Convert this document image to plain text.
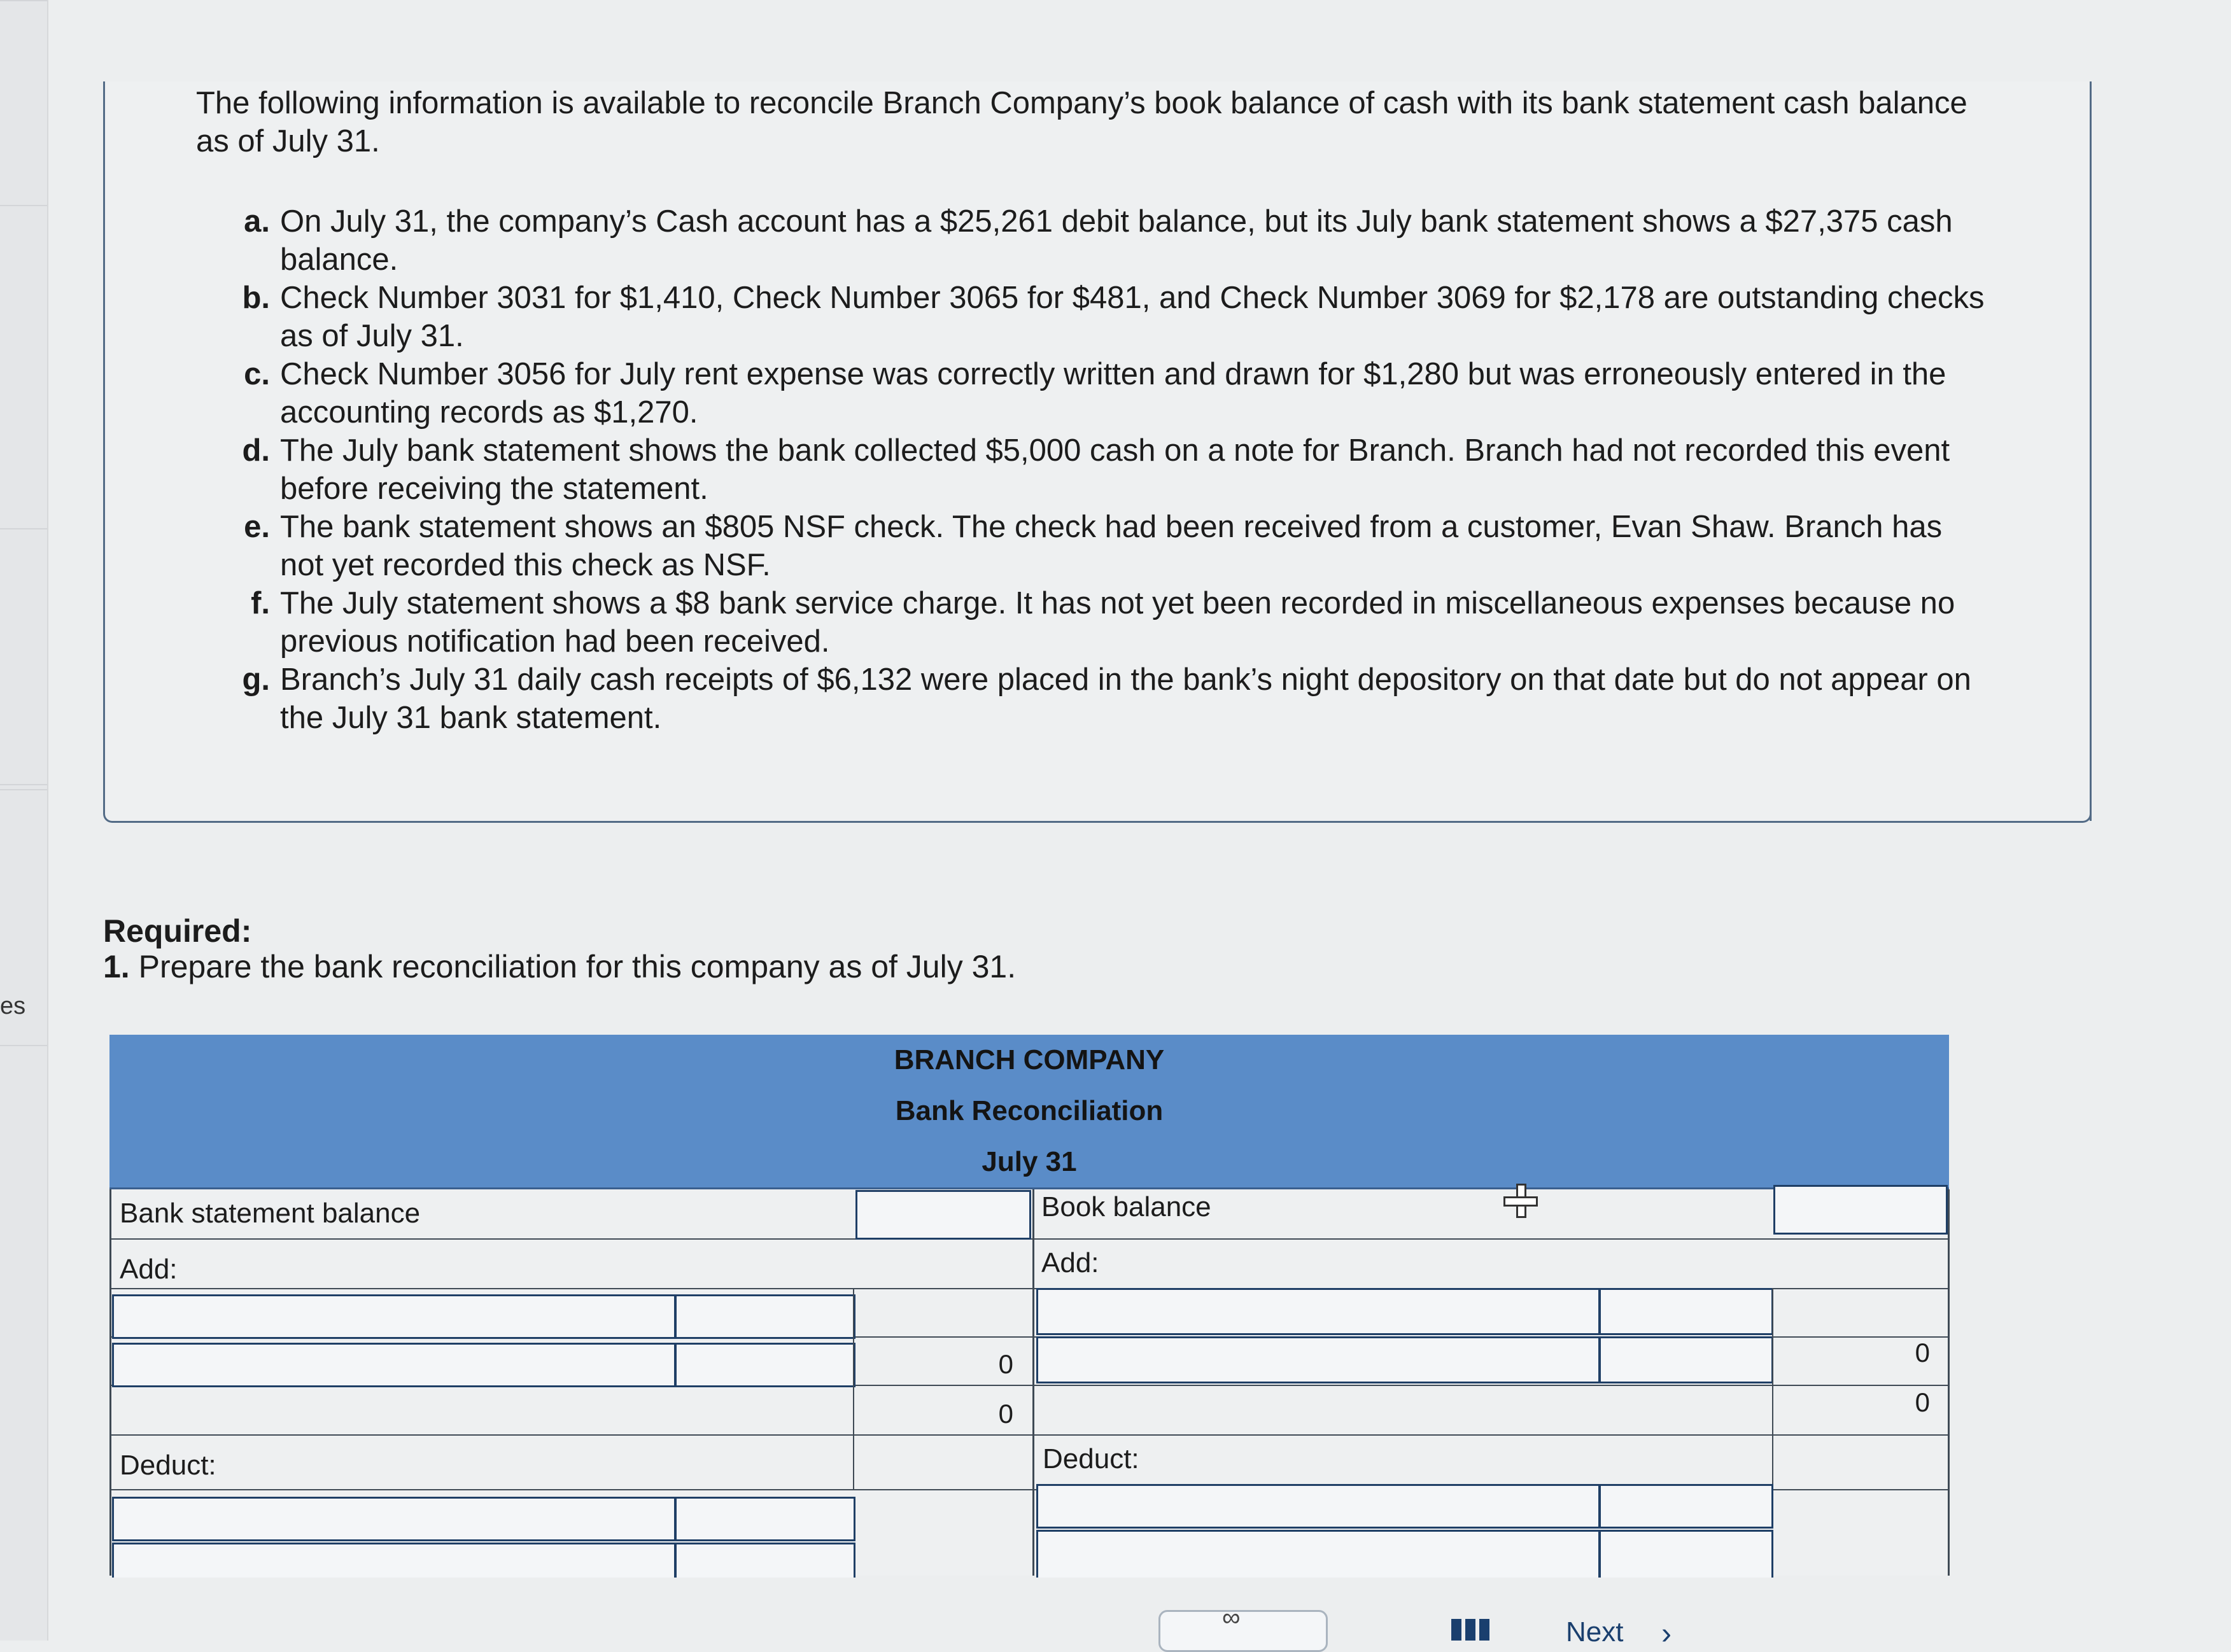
es
The following information is available to reconcile Branch Company’s book balance of cash with its bank statement cash balance as of July 31.
a. On July 31, the company’s Cash account has a $25,261 debit balance, but its July bank statement shows a $27,375 cash balance.
b. Check Number 3031 for $1,410, Check Number 3065 for $481, and Check Number 3069 for $2,178 are outstanding checks as of July 31.
c. Check Number 3056 for July rent expense was correctly written and drawn for $1,280 but was erroneously entered in the accounting records as $1,270.
d. The July bank statement shows the bank collected $5,000 cash on a note for Branch. Branch had not recorded this event before receiving the statement.
e. The bank statement shows an $805 NSF check. The check had been received from a customer, Evan Shaw. Branch has not yet recorded this check as NSF.
f. The July statement shows a $8 bank service charge. It has not yet been recorded in miscellaneous expenses because no previous notification had been received.
g. Branch’s July 31 daily cash receipts of $6,132 were placed in the bank’s night depository on that date but do not appear on the July 31 bank statement.
Required:
1. Prepare the bank reconciliation for this company as of July 31.
BRANCH COMPANY
Bank Reconciliation
July 31
Bank statement balance
Add:
0
0
Deduct:
Book balance
Add:
0
0
Deduct:
∞	Next ›
